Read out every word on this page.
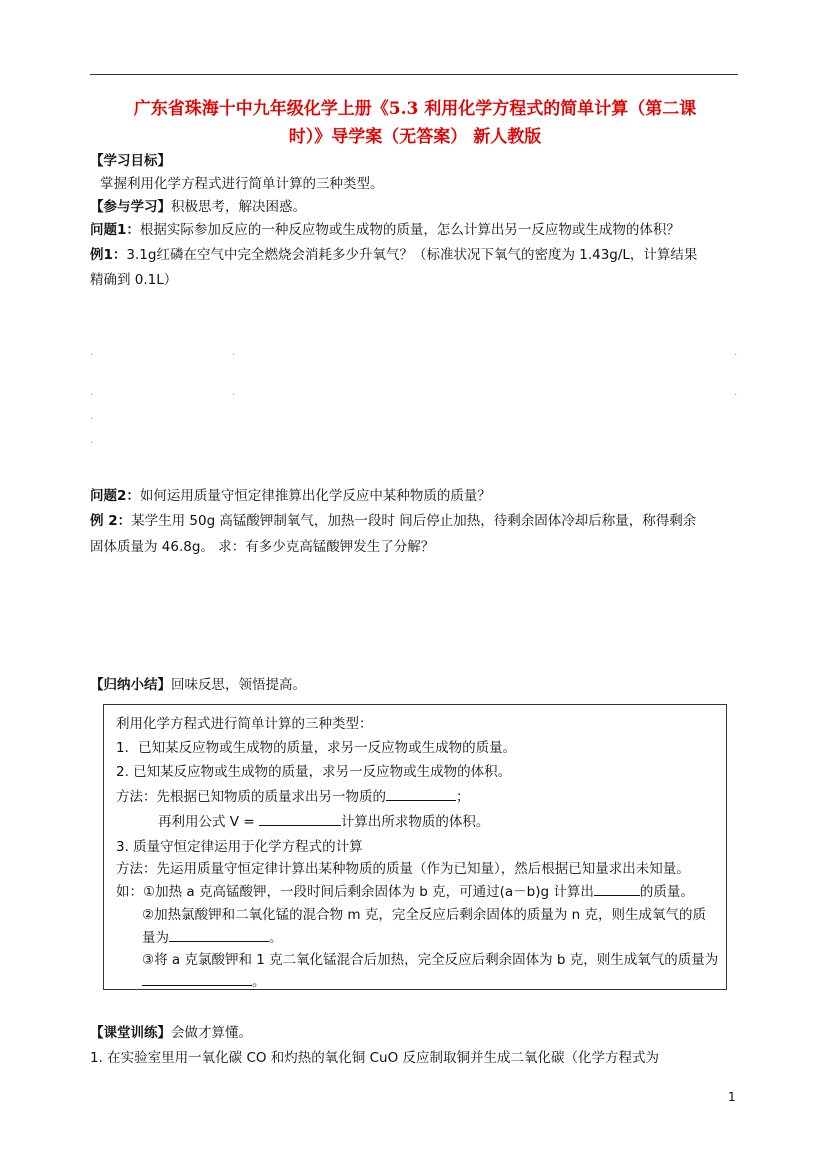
广东省珠海十中九年级化学上册《5.3 利用化学方程式的简单计算（第二课
时）》导学案（无答案） 新人教版
【学习目标】
掌握利用化学方程式进行简单计算的三种类型。
【参与学习】积极思考，解决困惑。
问题1：根据实际参加反应的一种反应物或生成物的质量，怎么计算出另一反应物或生成物的体积？
例1：3.1g红磷在空气中完全燃烧会消耗多少升氧气？（标准状况下氧气的密度为 1.43g/L，计算结果
精确到 0.1L）
·	·	·
·	·	·
·
·
问题2：如何运用质量守恒定律推算出化学反应中某种物质的质量？
例 2：某学生用 50g 高锰酸钾制氧气，加热一段时 间后停止加热，待剩余固体冷却后称量，称得剩余
固体质量为 46.8g。 求：有多少克高锰酸钾发生了分解？
【归纳小结】回味反思，领悟提高。
利用化学方程式进行简单计算的三种类型：
1．已知某反应物或生成物的质量，求另一反应物或生成物的质量。
2. 已知某反应物或生成物的质量，求另一反应物或生成物的体积。
方法：先根据已知物质的质量求出另一物质的	；
再利用公式 V =	计算出所求物质的体积。
3. 质量守恒定律运用于化学方程式的计算
方法：先运用质量守恒定律计算出某种物质的质量（作为已知量），然后根据已知量求出未知量。
如：①加热 a 克高锰酸钾，一段时间后剩余固体为 b 克，可通过(a－b)g 计算出	的质量。
②加热氯酸钾和二氧化锰的混合物 m 克，完全反应后剩余固体的质量为 n 克，则生成氧气的质
量为	。
③将 a 克氯酸钾和 1 克二氧化锰混合后加热，完全反应后剩余固体为 b 克，则生成氧气的质量为
。
【课堂训练】会做才算懂。
1. 在实验室里用一氧化碳 CO 和灼热的氧化铜 CuO 反应制取铜并生成二氧化碳（化学方程式为
1
